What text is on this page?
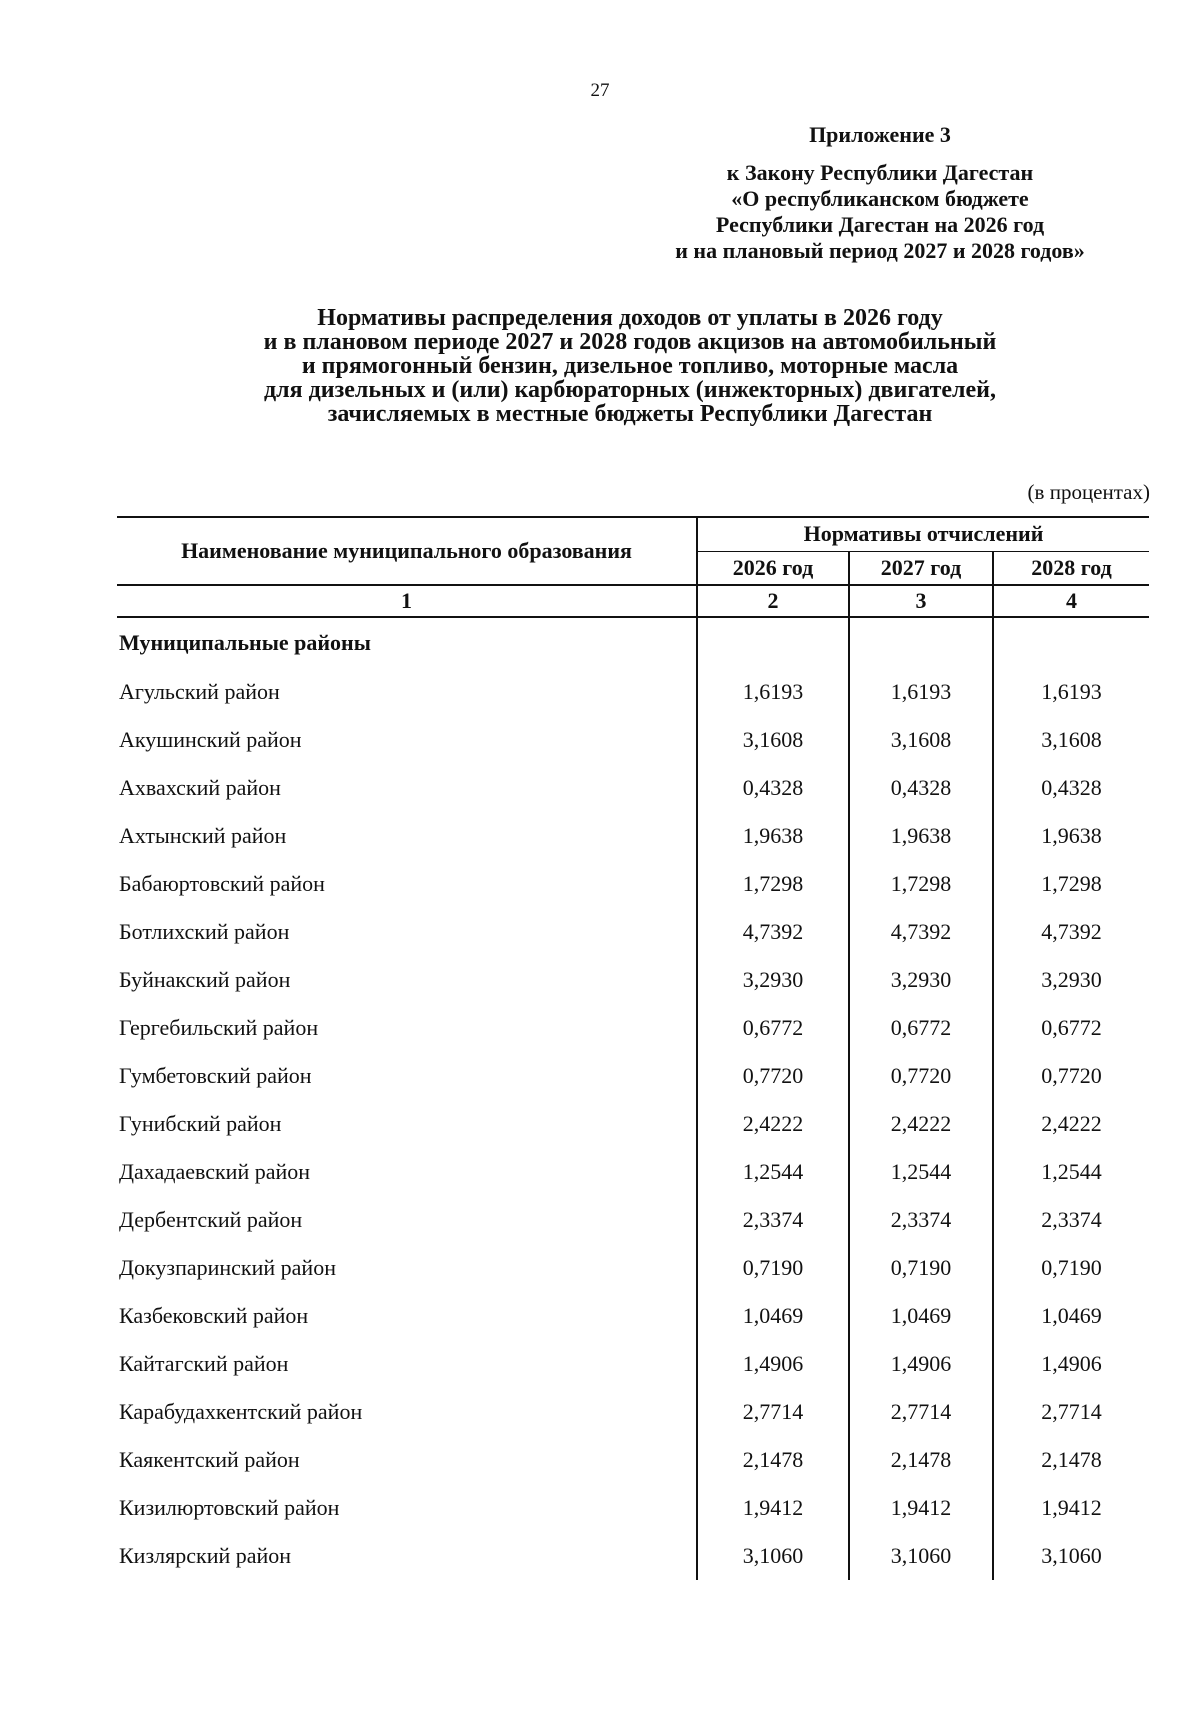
27
Приложение 3
к Закону Республики Дагестан
«О республиканском бюджете
Республики Дагестан на 2026 год
и на плановый период 2027 и 2028 годов»
Нормативы распределения доходов от уплаты в 2026 году
и в плановом периоде 2027 и 2028 годов акцизов на автомобильный
и прямогонный бензин, дизельное топливо, моторные масла
для дизельных и (или) карбюраторных (инжекторных) двигателей,
зачисляемых в местные бюджеты Республики Дагестан
(в процентах)
Наименование муниципального образования	Нормативы отчислений		
	2026 год	2027 год	2028 год
1	2	3	4
Муниципальные районы			
Агульский район	1,6193	1,6193	1,6193
Акушинский район	3,1608	3,1608	3,1608
Ахвахский район	0,4328	0,4328	0,4328
Ахтынский район	1,9638	1,9638	1,9638
Бабаюртовский район	1,7298	1,7298	1,7298
Ботлихский район	4,7392	4,7392	4,7392
Буйнакский район	3,2930	3,2930	3,2930
Гергебильский район	0,6772	0,6772	0,6772
Гумбетовский район	0,7720	0,7720	0,7720
Гунибский район	2,4222	2,4222	2,4222
Дахадаевский район	1,2544	1,2544	1,2544
Дербентский район	2,3374	2,3374	2,3374
Докузпаринский район	0,7190	0,7190	0,7190
Казбековский район	1,0469	1,0469	1,0469
Кайтагский район	1,4906	1,4906	1,4906
Карабудахкентский район	2,7714	2,7714	2,7714
Каякентский район	2,1478	2,1478	2,1478
Кизилюртовский район	1,9412	1,9412	1,9412
Кизлярский район	3,1060	3,1060	3,1060
